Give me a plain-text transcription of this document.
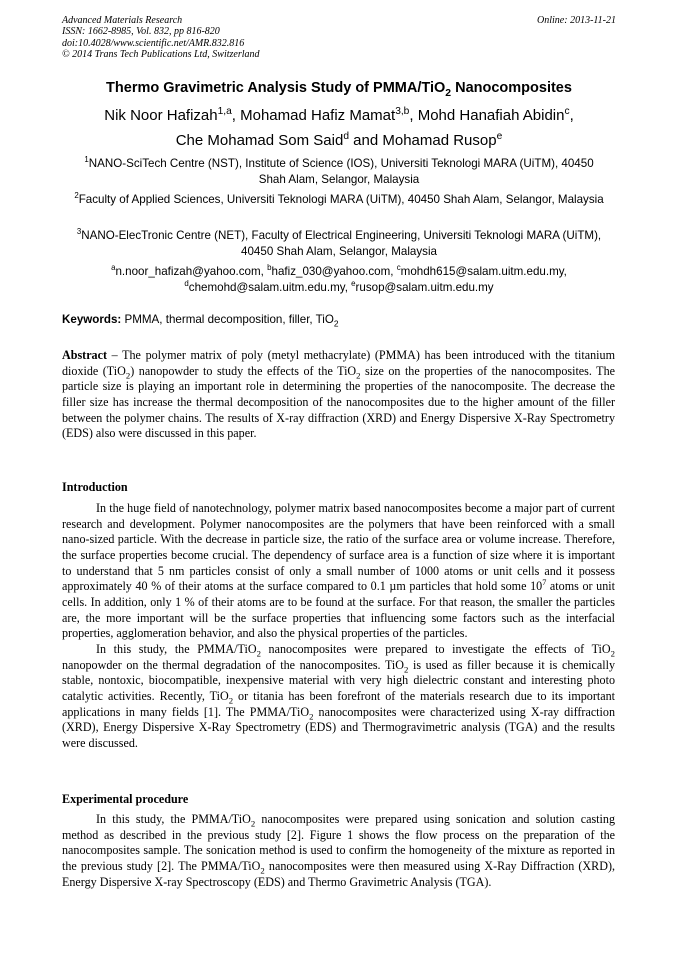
Advanced Materials Research
ISSN: 1662-8985, Vol. 832, pp 816-820
doi:10.4028/www.scientific.net/AMR.832.816
© 2014 Trans Tech Publications Ltd, Switzerland
Online: 2013-11-21
Thermo Gravimetric Analysis Study of PMMA/TiO$_2$ Nanocomposites
Nik Noor Hafizah$^{1,a}$, Mohamad Hafiz Mamat$^{3,b}$, Mohd Hanafiah Abidin$^c$,
Che Mohamad Som Said$^d$ and Mohamad Rusop$^e$
$^1$NANO-SciTech Centre (NST), Institute of Science (IOS), Universiti Teknologi MARA (UiTM), 40450 Shah Alam, Selangor, Malaysia
$^2$Faculty of Applied Sciences, Universiti Teknologi MARA (UiTM), 40450 Shah Alam, Selangor, Malaysia
$^3$NANO-ElecTronic Centre (NET), Faculty of Electrical Engineering, Universiti Teknologi MARA (UiTM), 40450 Shah Alam, Selangor, Malaysia
$^a$n.noor_hafizah@yahoo.com, $^b$hafiz_030@yahoo.com, $^c$mohdh615@salam.uitm.edu.my,
$^d$chemohd@salam.uitm.edu.my, $^e$rusop@salam.uitm.edu.my
Keywords: PMMA, thermal decomposition, filler, TiO$_2$
Abstract – The polymer matrix of poly (metyl methacrylate) (PMMA) has been introduced with the titanium dioxide (TiO$_2$) nanopowder to study the effects of the TiO$_2$ size on the properties of the nanocomposites. The particle size is playing an important role in determining the properties of the nanocomposite. The decrease the filler size has increase the thermal decomposition of the nanocomposites due to the higher amount of the filler between the polymer chains. The results of X-ray diffraction (XRD) and Energy Dispersive X-Ray Spectrometry (EDS) also were discussed in this paper.
Introduction

In the huge field of nanotechnology, polymer matrix based nanocomposites become a major part of current research and development. Polymer nanocomposites are the polymers that have been reinforced with a small nano-sized particle. With the decrease in particle size, the ratio of the surface area or volume increase. Therefore, the surface properties become crucial. The dependency of surface area is a function of size where it is important to understand that 5 nm particles consist of only a small number of 1000 atoms or unit cells and it possess approximately 40 % of their atoms at the surface compared to 0.1 µm particles that hold some $10^7$ atoms or unit cells. In addition, only 1 % of their atoms are to be found at the surface. For that reason, the smaller the particles are, the more important will be the surface properties that influencing some factors such as the interfacial properties, agglomeration behavior, and also the physical properties of the particles.

In this study, the PMMA/TiO$_2$ nanocomposites were prepared to investigate the effects of TiO$_2$ nanopowder on the thermal degradation of the nanocomposites. TiO$_2$ is used as filler because it is chemically stable, nontoxic, biocompatible, inexpensive material with very high dielectric constant and interesting photo catalytic activities. Recently, TiO$_2$ or titania has been forefront of the materials research due to its important applications in many fields [1]. The PMMA/TiO$_2$ nanocomposites were characterized using X-ray diffraction (XRD), Energy Dispersive X-Ray Spectrometry (EDS) and Thermogravimetric analysis (TGA) and the results were discussed.

Experimental procedure

In this study, the PMMA/TiO$_2$ nanocomposites were prepared using sonication and solution casting method as described in the previous study [2]. Figure 1 shows the flow process on the preparation of the nanocomposites sample. The sonication method is used to confirm the homogeneity of the mixture as reported in the previous study [2]. The PMMA/TiO$_2$ nanocomposites were then measured using X-Ray Diffraction (XRD), Energy Dispersive X-ray Spectroscopy (EDS) and Thermo Gravimetric Analysis (TGA).
